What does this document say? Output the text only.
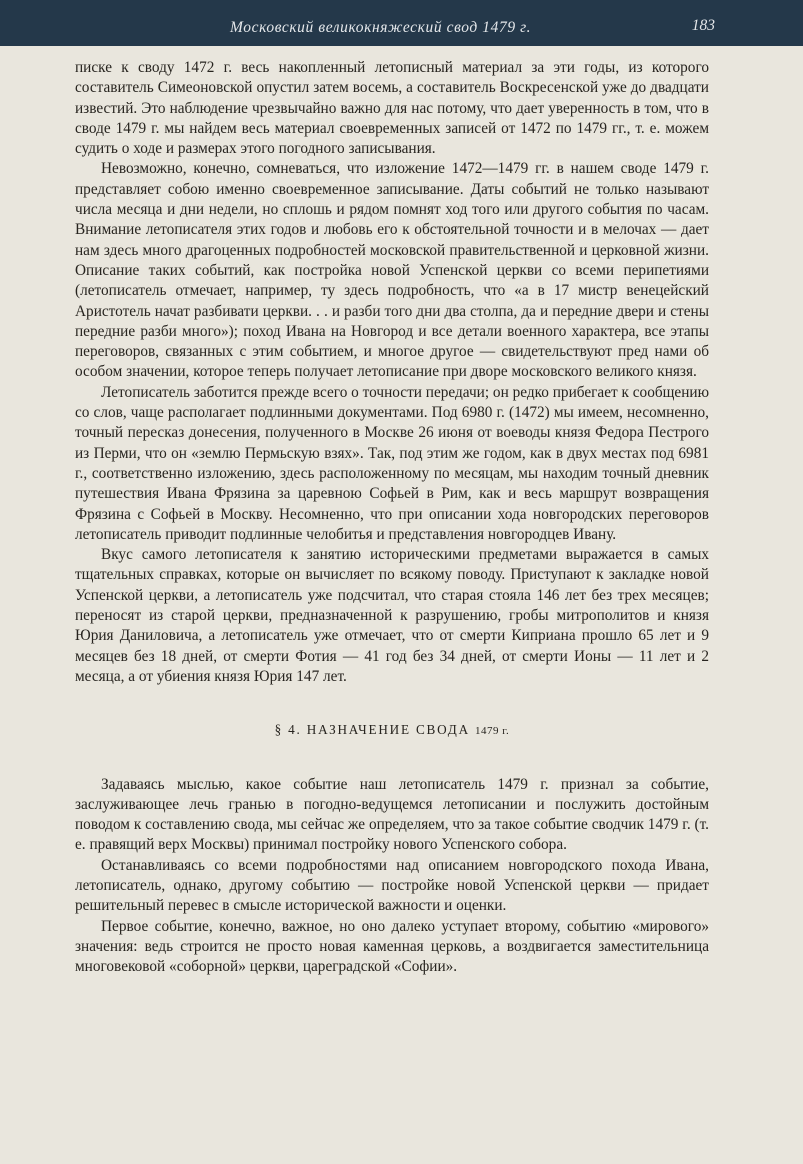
Московский великокняжеский свод 1479 г.	183

писке к своду 1472 г. весь накопленный летописный материал за эти годы, из которого составитель Симеоновской опустил затем восемь, а составитель Воскресенской уже до двадцати известий. Это наблюдение чрезвычайно важно для нас потому, что дает уверенность в том, что в своде 1479 г. мы найдем весь материал своевременных записей от 1472 по 1479 гг., т. е. можем судить о ходе и размерах этого погодного записывания.

Невозможно, конечно, сомневаться, что изложение 1472—1479 гг. в нашем своде 1479 г. представляет собою именно своевременное записывание. Даты событий не только называют числа месяца и дни недели, но сплошь и рядом помнят ход того или другого события по часам. Внимание летописателя этих годов и любовь его к обстоятельной точности и в мелочах — дает нам здесь много драгоценных подробностей московской правительственной и церковной жизни. Описание таких событий, как постройка новой Успенской церкви со всеми перипетиями (летописатель отмечает, например, ту здесь подробность, что «а в 17 мистр венецейский Аристотель начат разбивати церкви. . . и разби того дни два столпа, да и передние двери и стены передние разби много»); поход Ивана на Новгород и все детали военного характера, все этапы переговоров, связанных с этим событием, и многое другое — свидетельствуют пред нами об особом значении, которое теперь получает летописание при дворе московского великого князя.

Летописатель заботится прежде всего о точности передачи; он редко прибегает к сообщению со слов, чаще располагает подлинными документами. Под 6980 г. (1472) мы имеем, несомненно, точный пересказ донесения, полученного в Москве 26 июня от воеводы князя Федора Пестрого из Перми, что он «землю Пермьскую взях». Так, под этим же годом, как в двух местах под 6981 г., соответственно изложению, здесь расположенному по месяцам, мы находим точный дневник путешествия Ивана Фрязина за царевною Софьей в Рим, как и весь маршрут возвращения Фрязина с Софьей в Москву. Несомненно, что при описании хода новгородских переговоров летописатель приводит подлинные челобитья и представления новгородцев Ивану.

Вкус самого летописателя к занятию историческими предметами выражается в самых тщательных справках, которые он вычисляет по всякому поводу. Приступают к закладке новой Успенской церкви, а летописатель уже подсчитал, что старая стояла 146 лет без трех месяцев; переносят из старой церкви, предназначенной к разрушению, гробы митрополитов и князя Юрия Даниловича, а летописатель уже отмечает, что от смерти Киприана прошло 65 лет и 9 месяцев без 18 дней, от смерти Фотия — 41 год без 34 дней, от смерти Ионы — 11 лет и 2 месяца, а от убиения князя Юрия 147 лет.

§ 4. НАЗНАЧЕНИЕ СВОДА 1479 г.

Задаваясь мыслью, какое событие наш летописатель 1479 г. признал за событие, заслуживающее лечь гранью в погодно-ведущемся летописании и послужить достойным поводом к составлению свода, мы сейчас же определяем, что за такое событие сводчик 1479 г. (т. е. правящий верх Москвы) принимал постройку нового Успенского собора.

Останавливаясь со всеми подробностями над описанием новгородского похода Ивана, летописатель, однако, другому событию — постройке новой Успенской церкви — придает решительный перевес в смысле исторической важности и оценки.

Первое событие, конечно, важное, но оно далеко уступает второму, событию «мирового» значения: ведь строится не просто новая каменная церковь, а воздвигается заместительница многовековой «соборной» церкви, цареградской «Софии».
